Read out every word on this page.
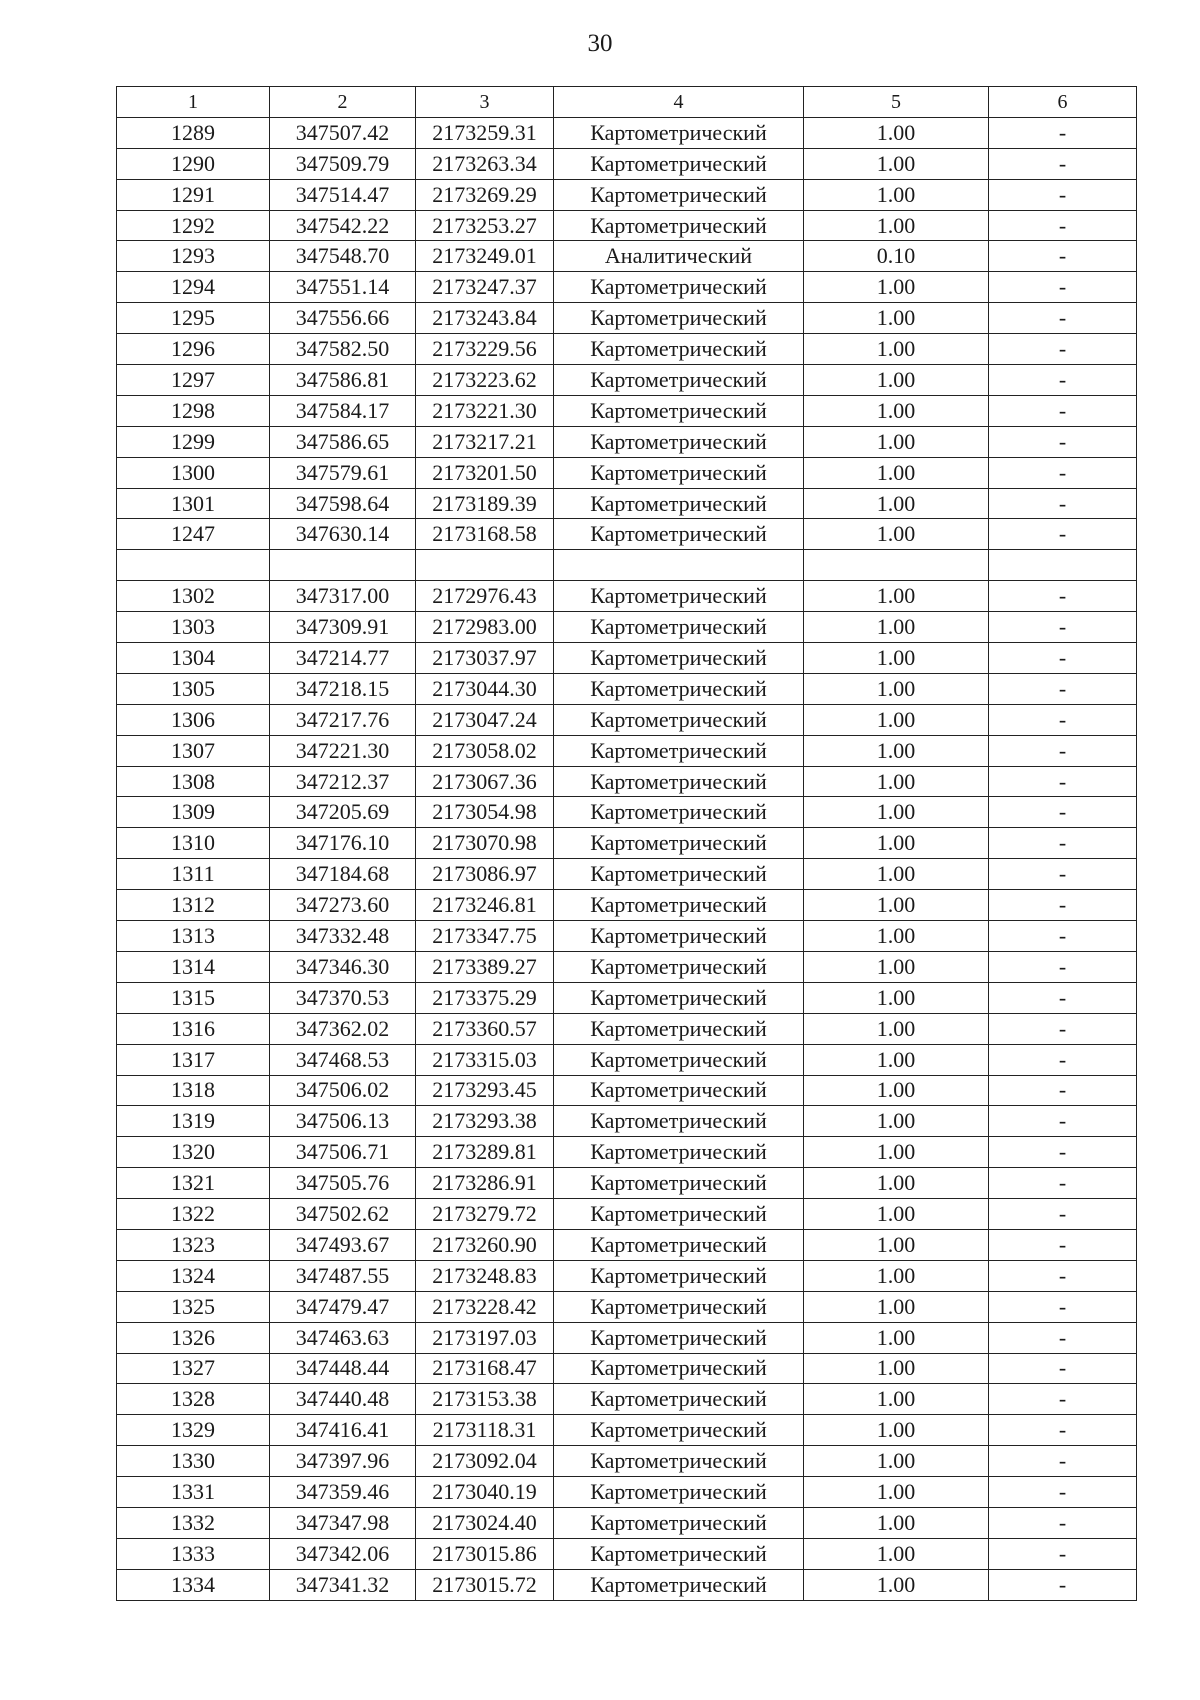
30
1	2	3	4	5	6
1289	347507.42	2173259.31	Картометрический	1.00	-
1290	347509.79	2173263.34	Картометрический	1.00	-
1291	347514.47	2173269.29	Картометрический	1.00	-
1292	347542.22	2173253.27	Картометрический	1.00	-
1293	347548.70	2173249.01	Аналитический	0.10	-
1294	347551.14	2173247.37	Картометрический	1.00	-
1295	347556.66	2173243.84	Картометрический	1.00	-
1296	347582.50	2173229.56	Картометрический	1.00	-
1297	347586.81	2173223.62	Картометрический	1.00	-
1298	347584.17	2173221.30	Картометрический	1.00	-
1299	347586.65	2173217.21	Картометрический	1.00	-
1300	347579.61	2173201.50	Картометрический	1.00	-
1301	347598.64	2173189.39	Картометрический	1.00	-
1247	347630.14	2173168.58	Картометрический	1.00	-

1302	347317.00	2172976.43	Картометрический	1.00	-
1303	347309.91	2172983.00	Картометрический	1.00	-
1304	347214.77	2173037.97	Картометрический	1.00	-
1305	347218.15	2173044.30	Картометрический	1.00	-
1306	347217.76	2173047.24	Картометрический	1.00	-
1307	347221.30	2173058.02	Картометрический	1.00	-
1308	347212.37	2173067.36	Картометрический	1.00	-
1309	347205.69	2173054.98	Картометрический	1.00	-
1310	347176.10	2173070.98	Картометрический	1.00	-
1311	347184.68	2173086.97	Картометрический	1.00	-
1312	347273.60	2173246.81	Картометрический	1.00	-
1313	347332.48	2173347.75	Картометрический	1.00	-
1314	347346.30	2173389.27	Картометрический	1.00	-
1315	347370.53	2173375.29	Картометрический	1.00	-
1316	347362.02	2173360.57	Картометрический	1.00	-
1317	347468.53	2173315.03	Картометрический	1.00	-
1318	347506.02	2173293.45	Картометрический	1.00	-
1319	347506.13	2173293.38	Картометрический	1.00	-
1320	347506.71	2173289.81	Картометрический	1.00	-
1321	347505.76	2173286.91	Картометрический	1.00	-
1322	347502.62	2173279.72	Картометрический	1.00	-
1323	347493.67	2173260.90	Картометрический	1.00	-
1324	347487.55	2173248.83	Картометрический	1.00	-
1325	347479.47	2173228.42	Картометрический	1.00	-
1326	347463.63	2173197.03	Картометрический	1.00	-
1327	347448.44	2173168.47	Картометрический	1.00	-
1328	347440.48	2173153.38	Картометрический	1.00	-
1329	347416.41	2173118.31	Картометрический	1.00	-
1330	347397.96	2173092.04	Картометрический	1.00	-
1331	347359.46	2173040.19	Картометрический	1.00	-
1332	347347.98	2173024.40	Картометрический	1.00	-
1333	347342.06	2173015.86	Картометрический	1.00	-
1334	347341.32	2173015.72	Картометрический	1.00	-
